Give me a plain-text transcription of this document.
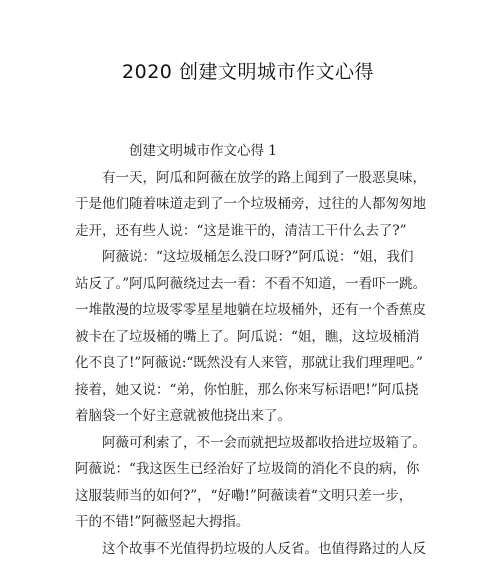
2020 创建文明城市作文心得
创建文明城市作文心得 1
有一天，阿瓜和阿薇在放学的路上闻到了一股恶臭味，
于是他们随着味道走到了一个垃圾桶旁，过往的人都匆匆地
走开，还有些人说：“这是谁干的，清洁工干什么去了?”
阿薇说：“这垃圾桶怎么没口呀?”阿瓜说：“姐，我们
站反了。”阿瓜阿薇绕过去一看：不看不知道，一看吓一跳。
一堆散漫的垃圾零零星星地躺在垃圾桶外，还有一个香蕉皮
被卡在了垃圾桶的嘴上了。阿瓜说：“姐，瞧，这垃圾桶消
化不良了!”阿薇说:“既然没有人来管，那就让我们理理吧。”
接着，她又说：“弟，你怕脏，那么你来写标语吧!”阿瓜挠
着脑袋一个好主意就被他挠出来了。
阿薇可利索了，不一会而就把垃圾都收拾进垃圾箱了。
阿薇说：“我这医生已经治好了垃圾筒的消化不良的病，你
这服装师当的如何?”，“好嘞!”阿薇读着“文明只差一步，
干的不错!”阿薇竖起大拇指。
这个故事不光值得扔垃圾的人反省。也值得路过的人反
